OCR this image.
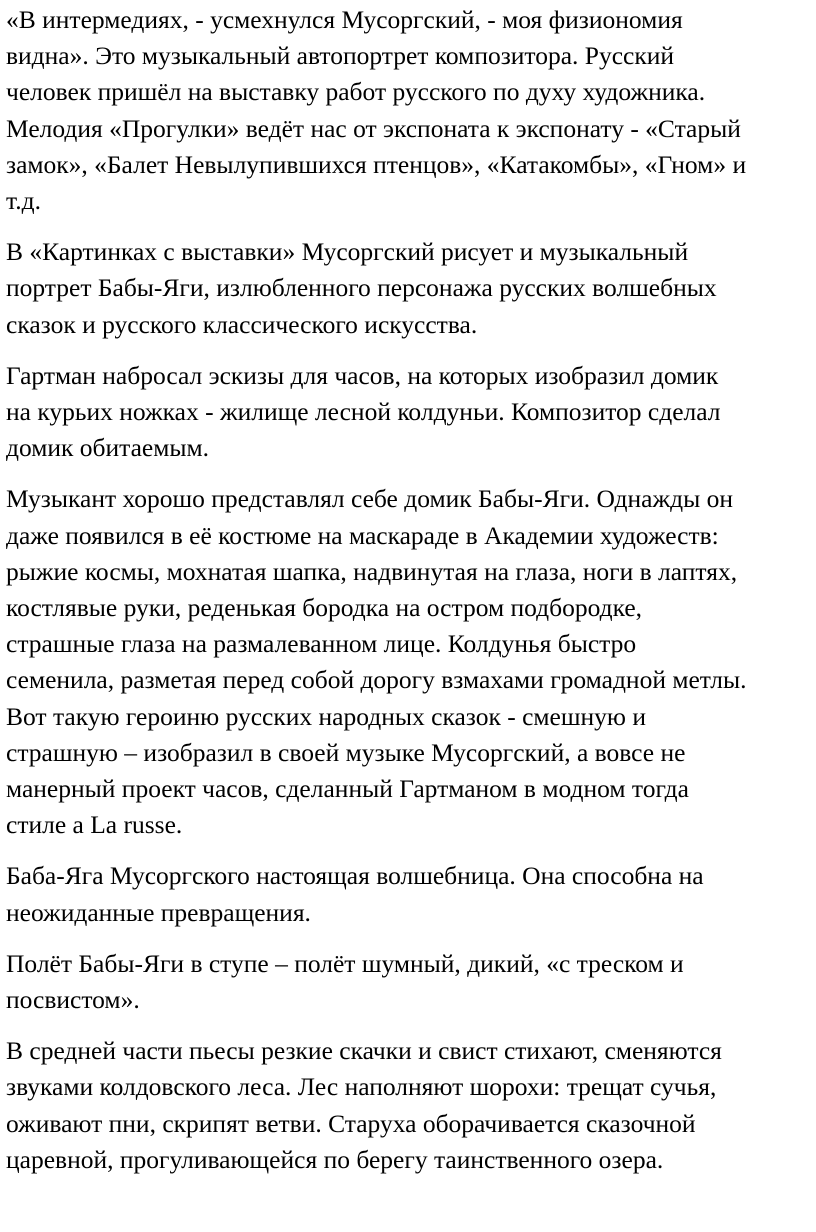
«В интермедиях, - усмехнулся Мусоргский, - моя физиономия
видна». Это музыкальный автопортрет композитора. Русский
человек пришёл на выставку работ русского по духу художника.
Мелодия «Прогулки» ведёт нас от экспоната к экспонату - «Старый
замок», «Балет Невылупившихся птенцов», «Катакомбы», «Гном» и
т.д.

В «Картинках с выставки» Мусоргский рисует и музыкальный
портрет Бабы-Яги, излюбленного персонажа русских волшебных
сказок и русского классического искусства.

Гартман набросал эскизы для часов, на которых изобразил домик
на курьих ножках - жилище лесной колдуньи. Композитор сделал
домик обитаемым.

Музыкант хорошо представлял себе домик Бабы-Яги. Однажды он
даже появился в её костюме на маскараде в Академии художеств:
рыжие космы, мохнатая шапка, надвинутая на глаза, ноги в лаптях,
костлявые руки, реденькая бородка на остром подбородке,
страшные глаза на размалеванном лице. Колдунья быстро
семенила, разметая перед собой дорогу взмахами громадной метлы.
Вот такую героиню русских народных сказок - смешную и
страшную – изобразил в своей музыке Мусоргский, а вовсе не
манерный проект часов, сделанный Гартманом в модном тогда
стиле a La russe.

Баба-Яга Мусоргского настоящая волшебница. Она способна на
неожиданные превращения.

Полёт Бабы-Яги в ступе – полёт шумный, дикий, «с треском и
посвистом».

В средней части пьесы резкие скачки и свист стихают, сменяются
звуками колдовского леса. Лес наполняют шорохи: трещат сучья,
оживают пни, скрипят ветви. Старуха оборачивается сказочной
царевной, прогуливающейся по берегу таинственного озера.
